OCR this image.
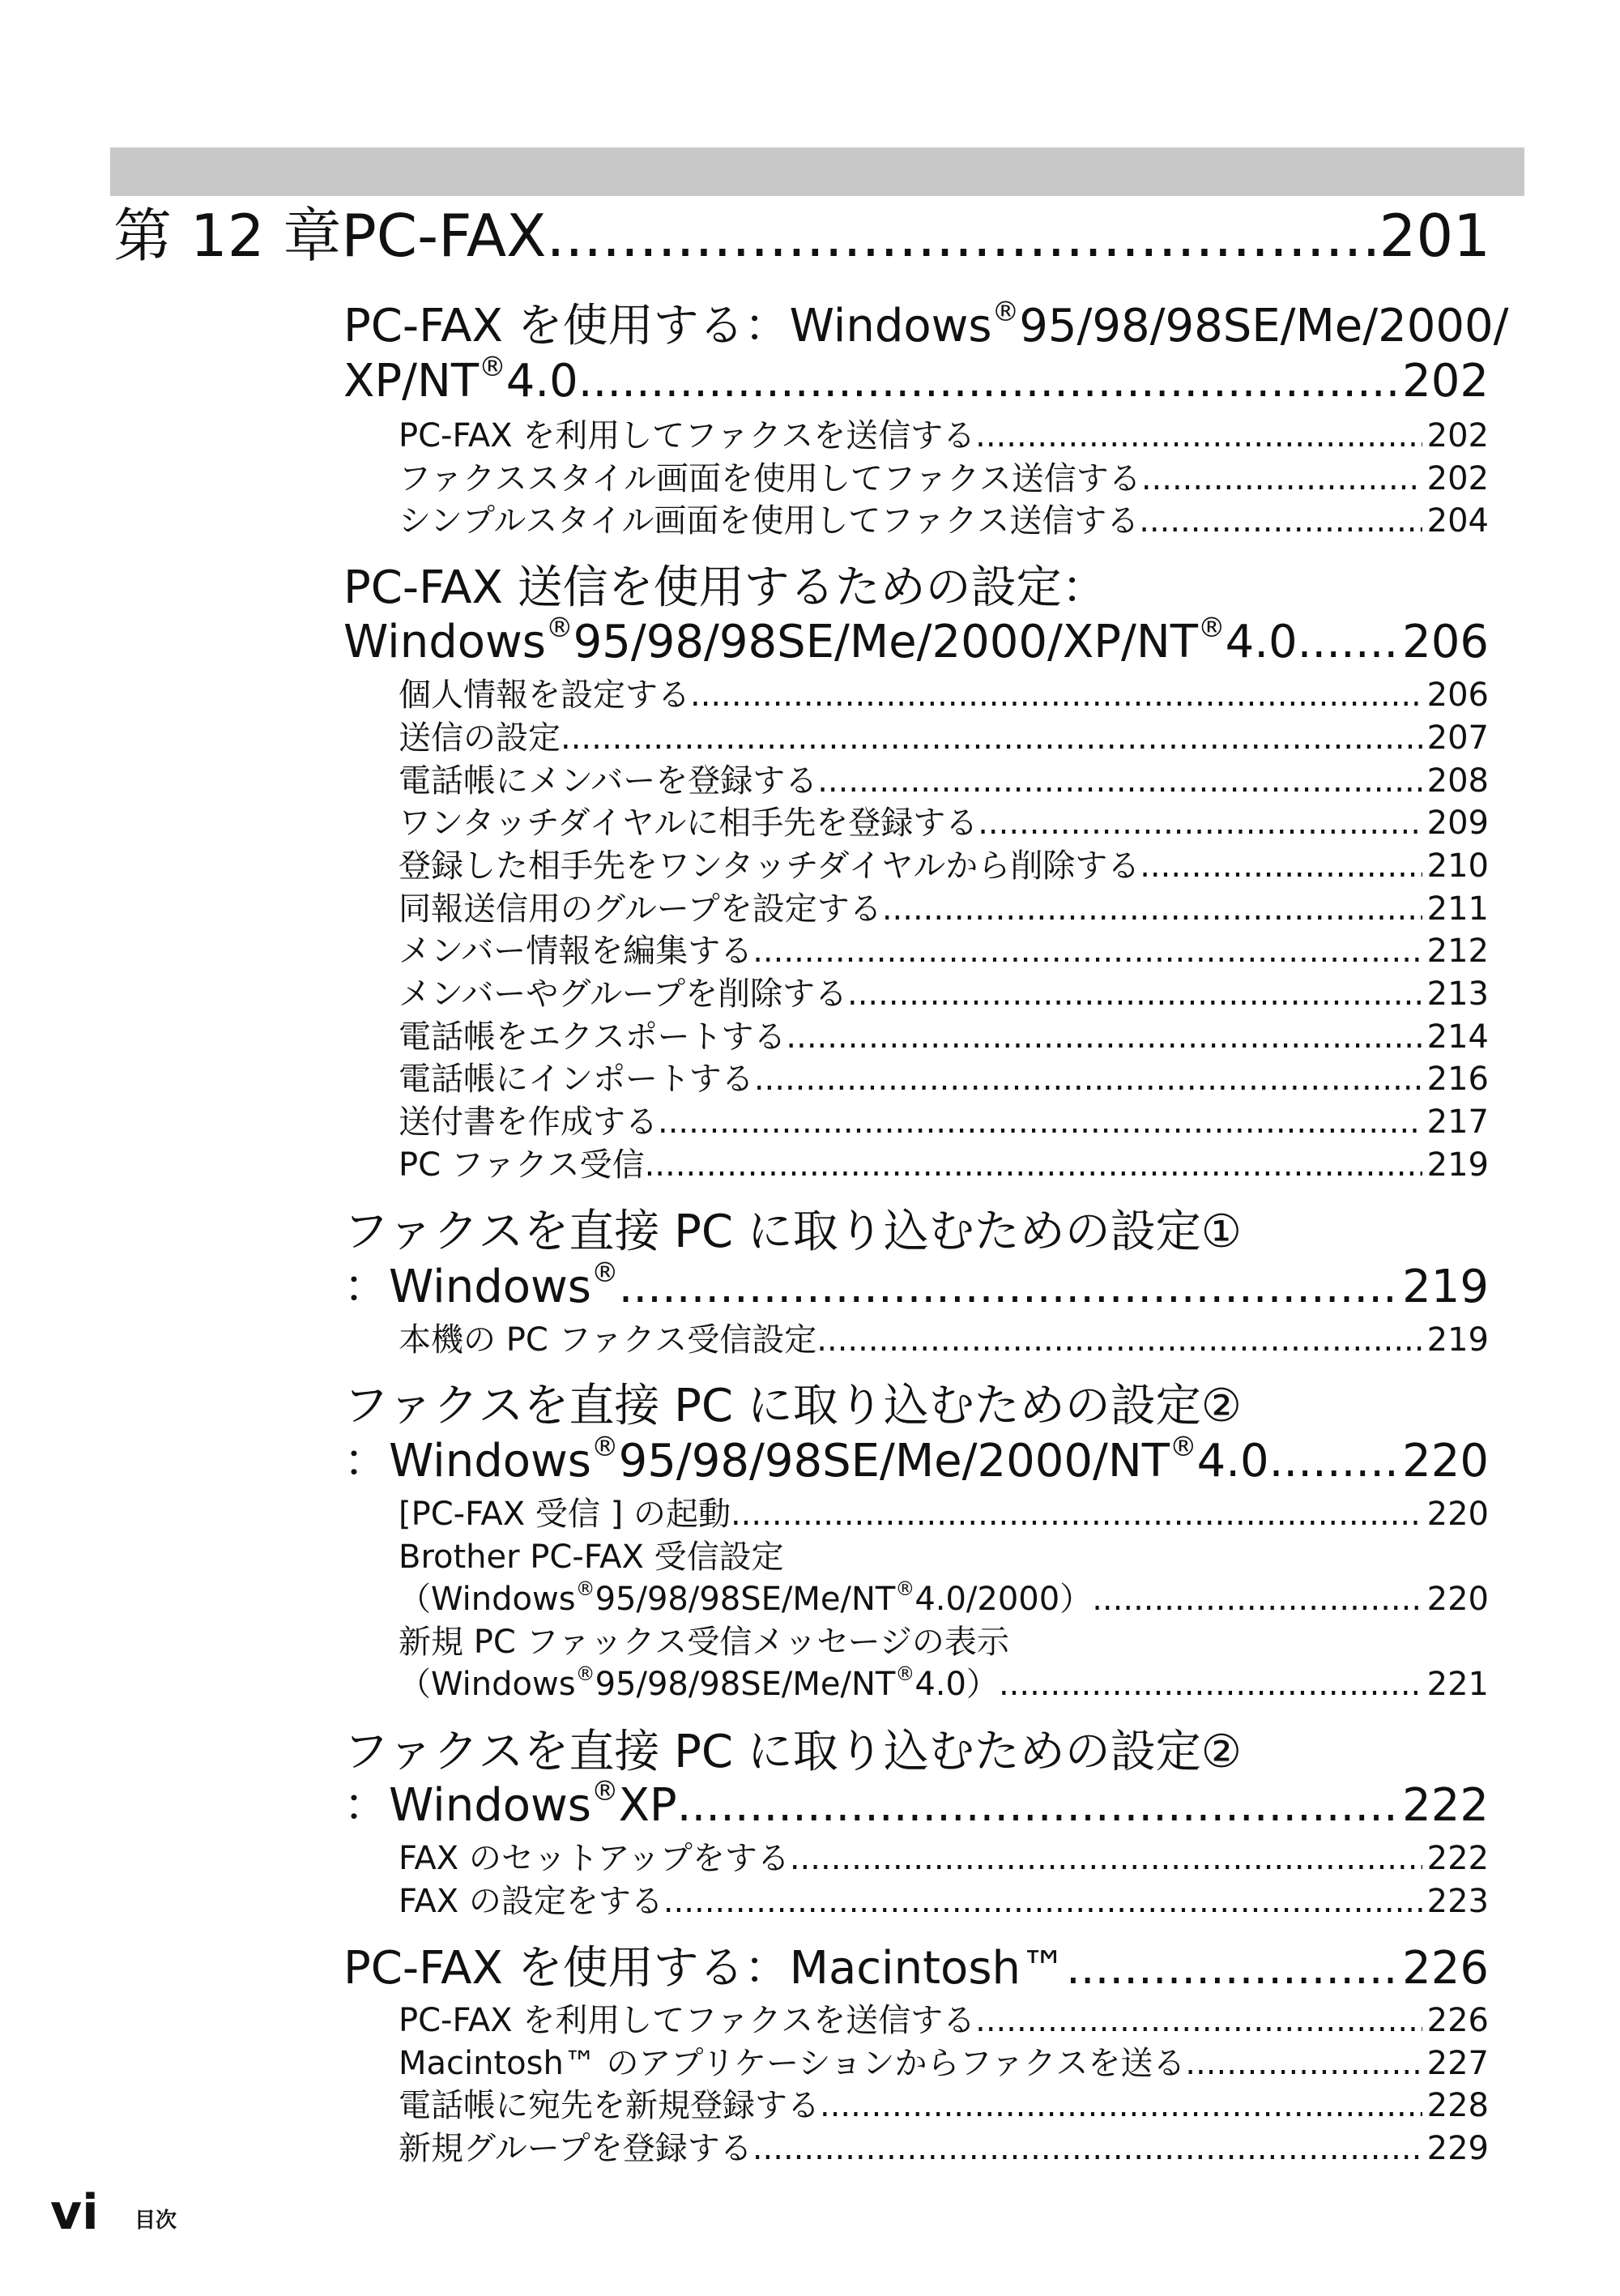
第 12 章PC-FAX .....	201
PC-FAX を使用する：Windows®95/98/98SE/Me/2000/
XP/NT®4.0 .....	202
PC-FAX を利用してファクスを送信する .....	202
ファクススタイル画面を使用してファクス送信する .....	202
シンプルスタイル画面を使用してファクス送信する .....	204
PC-FAX 送信を使用するための設定：
Windows®95/98/98SE/Me/2000/XP/NT®4.0 ..... 206
個人情報を設定する .....	206
送信の設定 .....	207
電話帳にメンバーを登録する .....	208
ワンタッチダイヤルに相手先を登録する .....	209
登録した相手先をワンタッチダイヤルから削除する .....	210
同報送信用のグループを設定する .....	211
メンバー情報を編集する .....	212
メンバーやグループを削除する .....	213
電話帳をエクスポートする .....	214
電話帳にインポートする .....	216
送付書を作成する .....	217
PC ファクス受信 .....	219
ファクスを直接 PC に取り込むための設定①
：Windows® .....	219
本機の PC ファクス受信設定 .....	219
ファクスを直接 PC に取り込むための設定②
：Windows®95/98/98SE/Me/2000/NT®4.0 .....	220
[PC-FAX 受信 ] の起動 .....	220
Brother PC-FAX 受信設定
（Windows®95/98/98SE/Me/NT®4.0/2000） .....	220
新規 PC ファックス受信メッセージの表示
（Windows®95/98/98SE/Me/NT®4.0） .....	221
ファクスを直接 PC に取り込むための設定②
：Windows®XP .....	222
FAX のセットアップをする .....	222
FAX の設定をする .....	223
PC-FAX を使用する：Macintosh™ .....	226
PC-FAX を利用してファクスを送信する .....	226
Macintosh™ のアプリケーションからファクスを送る .....	227
電話帳に宛先を新規登録する .....	228
新規グループを登録する .....	229
vi 目次
